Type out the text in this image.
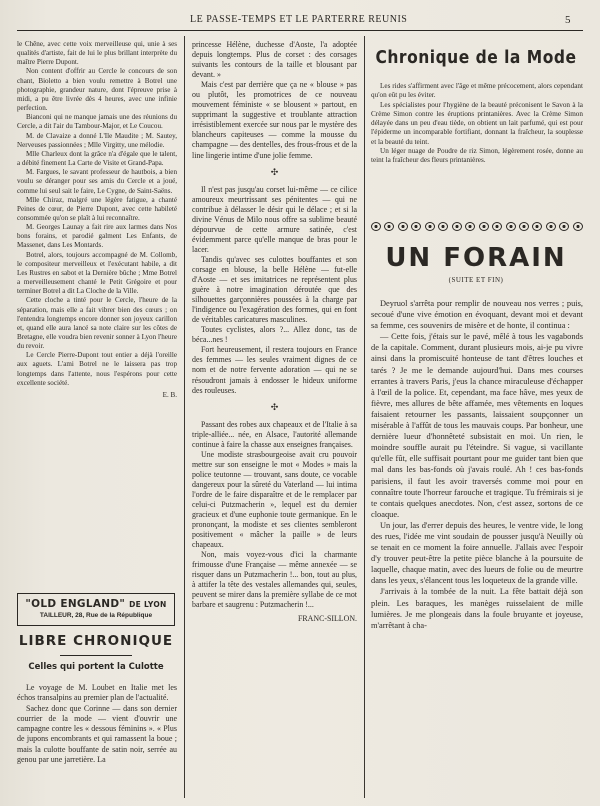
LE PASSE-TEMPS ET LE PARTERRE REUNIS	5

le Chêne, avec cette voix merveilleuse qui, unie à ses qualités d'artiste, fait de lui le plus brillant interprète du maître Pierre Dupont.

Non content d'offrir au Cercle le concours de son chant, Bioletto a bien voulu remettre à Botrel une photographie, grandeur nature, dont l'épreuve prise à midi, a pu être livrée dès 4 heures, avec une infinie perfection.

Bianconi qui ne manque jamais une des réunions du Cercle, a dit l'air du Tambour-Major, et Le Coucou.

M. de Clavaize a donné L'Ile Maudite ; M. Sautey, Nerveuses passionnées ; Mlle Virgitty, une mélodie.

Mlle Charleux dont la grâce n'a d'égale que le talent, a débité finement La Carte de Visite et Grand-Papa.

M. Fargues, le savant professeur de hautbois, a bien voulu se déranger pour ses amis du Cercle et a joué, comme lui seul sait le faire, Le Cygne, de Saint-Saëns.

Mlle Chiraz, malgré une légère fatigue, a chanté Peines de cœur, de Pierre Dupont, avec cette habileté consommée qu'on se plaît à lui reconnaître.

M. Georges Launay a fait rire aux larmes dans Nos bons forains, et parodié galment Les Enfants, de Massenet, dans Les Montards.

Botrel, alors, toujours accompagné de M. Collomb, le compositeur merveilleux et l'exécutant habile, a dit Les Rustres en sabot et la Dernière bûche ; Mme Botrel a merveilleusement chanté le Petit Grégoire et pour terminer Botrel a dit La Cloche de la Ville.

Cette cloche a tinté pour le Cercle, l'heure de la séparation, mais elle a fait vibrer bien des cœurs ; on l'entendra longtemps encore donner son joyeux carillon et, quand elle aura lancé sa note claire sur les côtes de Bretagne, elle voudra bien revenir sonner à Lyon l'heure du revoir.

Le Cercle Pierre-Dupont tout entier a déjà l'oreille aux aguets. L'ami Botrel ne le laissera pas trop longtemps dans l'attente, nous l'espérons pour cette excellente société.

E. B.

"OLD ENGLAND" DE LYON
TAILLEUR, 28, Rue de la République
LIBRE CHRONIQUE
Celles qui portent la Culotte

Le voyage de M. Loubet en Italie met les échos transalpins au premier plan de l'actualité.

Sachez donc que Corinne — dans son dernier courrier de la mode — vient d'ouvrir une campagne contre les « dessous féminins ». « Plus de jupons encombrants et qui ramassent la boue ; mais la culotte bouffante de satin noir, serrée au genou par une jarretière. La

princesse Hélène, duchesse d'Aoste, l'a adoptée depuis longtemps. Plus de corset : des corsages suivants les contours de la taille et blousant par devant. »

Mais c'est par derrière que ça ne « blouse » pas ou plutôt, les promotrices de ce nouveau mouvement féministe « se blousent » partout, en supprimant la suggestive et troublante attraction irrésistiblement exercée sur nous par le mystère des blancheurs capiteuses — comme la mousse du champagne — des dentelles, des frous-frous et de la line lingerie intime d'une jolie femme.

✣

Il n'est pas jusqu'au corset lui-même — ce cilice amoureux meurtrissant ses pénitentes — qui ne contribue à délasser le désir qui le délace ; et si la divine Vénus de Milo nous offre sa sublime beauté dépourvue de cette armure satinée, c'est évidemment parce qu'elle manque de bras pour le lacer.

Tandis qu'avec ses culottes bouffantes et son corsage en blouse, la belle Hélène — fut-elle d'Aoste — et ses imitatrices ne représentent plus guère à notre imagination déroutée que des silhouettes garçonnières poussées à la charge par l'indigence ou l'exagération des formes, qui en font de véritables caricatures masculines.

Toutes cyclistes, alors ?... Allez donc, tas de béca...nes !

Fort heureusement, il restera toujours en France des femmes — les seules vraiment dignes de ce nom et de notre fervente adoration — qui ne se résoudront jamais à endosser le hideux uniforme des rouleuses.

✣

Passant des robes aux chapeaux et de l'Italie à sa triple-alliée... née, en Alsace, l'autorité allemande continue à faire la chasse aux enseignes françaises.

Une modiste strasbourgeoise avait cru pouvoir mettre sur son enseigne le mot « Modes » mais la police teutonne — trouvant, sans doute, ce vocable dangereux pour la sûreté du Vaterland — lui intima l'ordre de le faire disparaître et de le remplacer par celui-ci Putzmacherin », lequel est du dernier gracieux et d'une euphonie toute germanique. En le prononçant, la modiste et ses clientes sembleront positivement « mâcher la paille » de leurs chapeaux.

Non, mais voyez-vous d'ici la charmante frimousse d'une Française — même annexée — se risquer dans un Putzmacherin !... bon, tout au plus, à attifer la tête des vestales allemandes qui, seules, peuvent se mirer dans la première syllabe de ce mot barbare et saugrenu : Putzmacherin !...

FRANC-SILLON.

Chronique de la Mode

Les rides s'affirment avec l'âge et même précocement, alors cependant qu'on eût pu les éviter.

Les spécialistes pour l'hygiène de la beauté préconisent le Savon à la Crème Simon contre les éruptions printanières. Avec la Crème Simon délayée dans un peu d'eau tiède, on obtient un lait parfumé, qui est pour l'épiderme un incomparable fortifiant, donnant la fraîcheur, la souplesse et la beauté du teint.

Un léger nuage de Poudre de riz Simon, légèrement rosée, donne au teint la fraîcheur des fleurs printanières.

UN FORAIN
(SUITE ET FIN)

Deyruol s'arrêta pour remplir de nouveau nos verres ; puis, secoué d'une vive émotion en évoquant, devant moi et devant sa femme, ces souvenirs de misère et de honte, il continua :

— Cette fois, j'étais sur le pavé, mêlé à tous les vagabonds de la capitale. Comment, durant plusieurs mois, ai-je pu vivre ainsi dans la promiscuité honteuse de tant d'êtres louches et tarés ? Je me le demande aujourd'hui. Dans mes courses errantes à travers Paris, j'eus la chance miraculeuse d'échapper à l'œil de la police. Et, cependant, ma face hâve, mes yeux de fièvre, mes allures de bête affamée, mes vêtements en loques faisaient retourner les passants, laissaient soupçonner un misérable à l'affût de tous les mauvais coups. Par bonheur, une dernière lueur d'honnêteté subsistait en moi. Un rien, le moindre souffle aurait pu l'éteindre. Si vague, si vacillante qu'elle fût, elle suffisait pourtant pour me guider tant bien que mal dans les bas-fonds où j'avais roulé. Ah ! ces bas-fonds parisiens, il faut les avoir traversés comme moi pour en connaître toute l'horreur farouche et tragique. Tu frémirais si je te contais quelques anecdotes. Non, c'est assez, sortons de ce cloaque.

Un jour, las d'errer depuis des heures, le ventre vide, le long des rues, l'idée me vint soudain de pousser jusqu'à Neuilly où se tenait en ce moment la foire annuelle. J'allais avec l'espoir d'y trouver peut-être la petite pièce blanche à la poursuite de laquelle, chaque matin, avec des lueurs de folie ou de meurtre dans les yeux, s'élancent tous les loqueteux de la grande ville.

J'arrivais à la tombée de la nuit. La fête battait déjà son plein. Les baraques, les manèges ruisselaient de mille lumières. Je me plongeais dans la foule bruyante et joyeuse, m'arrêtant à cha-
